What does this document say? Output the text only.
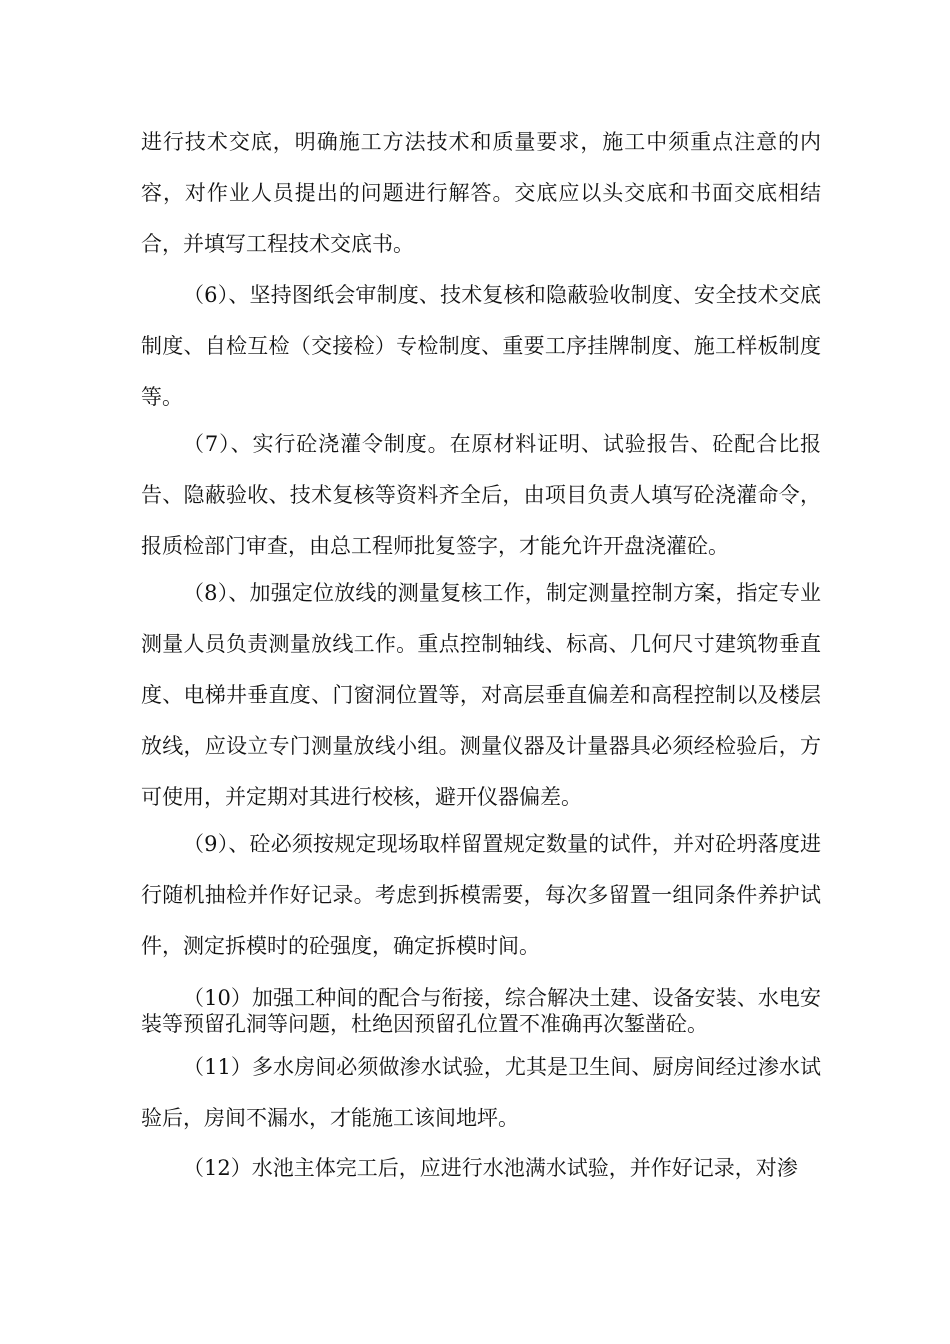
进行技术交底，明确施工方法技术和质量要求，施工中须重点注意的内容，对作业人员提出的问题进行解答。交底应以头交底和书面交底相结合，并填写工程技术交底书。

（6）、坚持图纸会审制度、技术复核和隐蔽验收制度、安全技术交底制度、自检互检（交接检）专检制度、重要工序挂牌制度、施工样板制度等。

（7）、实行砼浇灌令制度。在原材料证明、试验报告、砼配合比报告、隐蔽验收、技术复核等资料齐全后，由项目负责人填写砼浇灌命令，报质检部门审查，由总工程师批复签字，才能允许开盘浇灌砼。

（8）、加强定位放线的测量复核工作，制定测量控制方案，指定专业测量人员负责测量放线工作。重点控制轴线、标高、几何尺寸建筑物垂直度、电梯井垂直度、门窗洞位置等，对高层垂直偏差和高程控制以及楼层放线，应设立专门测量放线小组。测量仪器及计量器具必须经检验后，方可使用，并定期对其进行校核，避开仪器偏差。

（9）、砼必须按规定现场取样留置规定数量的试件，并对砼坍落度进行随机抽检并作好记录。考虑到拆模需要，每次多留置一组同条件养护试件，测定拆模时的砼强度，确定拆模时间。

（10）加强工种间的配合与衔接，综合解决土建、设备安装、水电安装等预留孔洞等问题，杜绝因预留孔位置不准确再次錾凿砼。

（11）多水房间必须做渗水试验，尤其是卫生间、厨房间经过渗水试验后，房间不漏水，才能施工该间地坪。

（12）水池主体完工后，应进行水池满水试验，并作好记录，对渗
